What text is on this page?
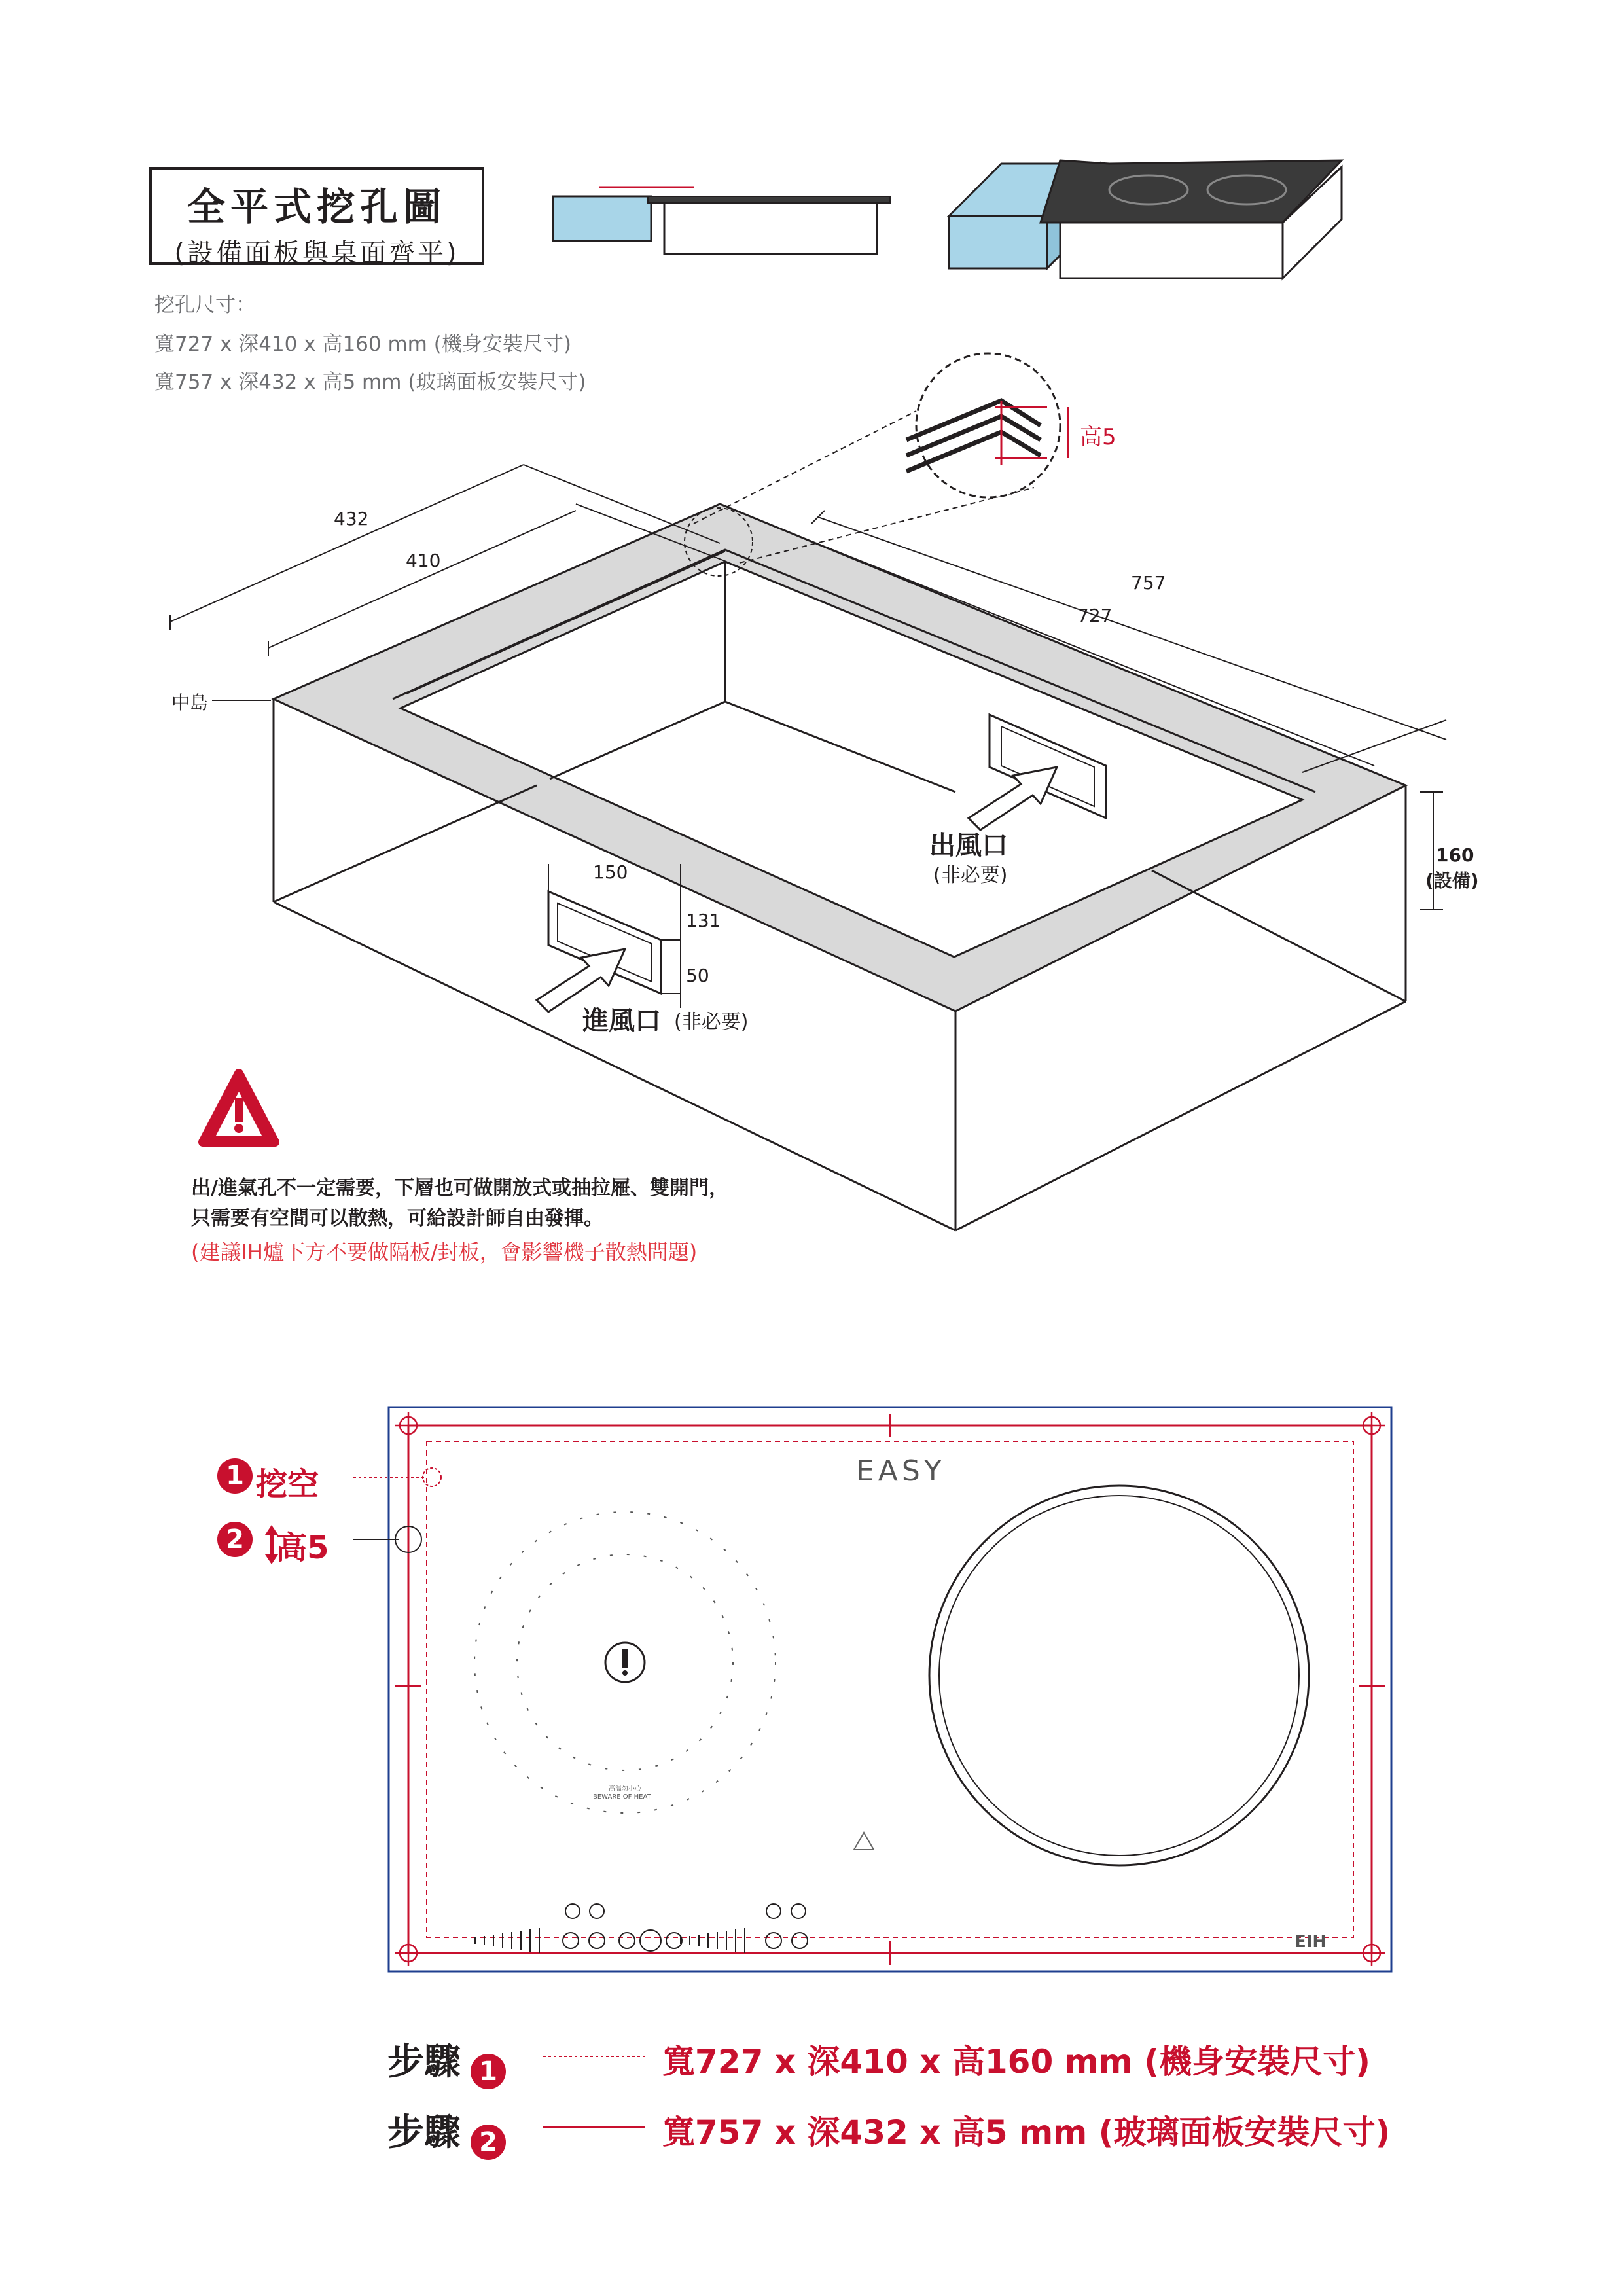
全平式挖孔圖
(設備面板與桌面齊平)
挖孔尺寸：
寬727 x 深410 x 高160 mm (機身安裝尺寸)
寬757 x 深432 x 高5 mm (玻璃面板安裝尺寸)
432
410
757
727
160
(設備)
高5
中島
出風口
(非必要)
進風口 (非必要)
150
131
50
出/進氣孔不一定需要，下層也可做開放式或抽拉屜、雙開門，
只需要有空間可以散熱，可給設計師自由發揮。
(建議IH爐下方不要做隔板/封板，會影響機子散熱問題)
EASY
EIH
高温勿小心
BEWARE OF HEAT
1 挖空
2 高5
步驟 1	寬727 x 深410 x 高160 mm (機身安裝尺寸)
步驟 2	寬757 x 深432 x 高5 mm (玻璃面板安裝尺寸)
